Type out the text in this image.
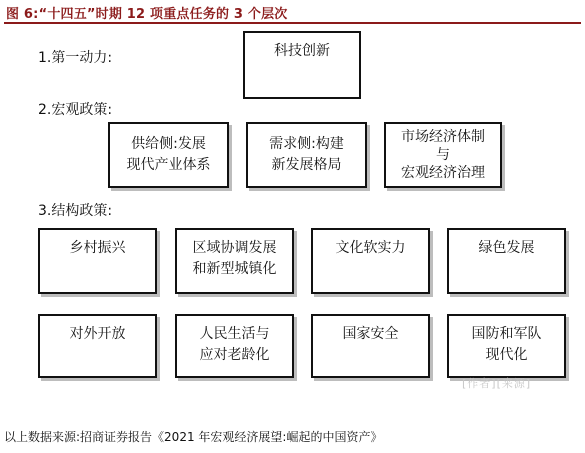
图 6:“十四五”时期 12 项重点任务的 3 个层次
1.第一动力:	科技创新
2.宏观政策:
供给侧:发展
现代产业体系
需求侧:构建
新发展格局
市场经济体制
与
宏观经济治理
3.结构政策:
乡村振兴	区域协调发展
和新型城镇化
文化软实力	绿色发展
对外开放	人民生活与
应对老龄化
国家安全	国防和军队
现代化
[作者][来源]
以上数据来源:招商证券报告《2021 年宏观经济展望:崛起的中国资产》
